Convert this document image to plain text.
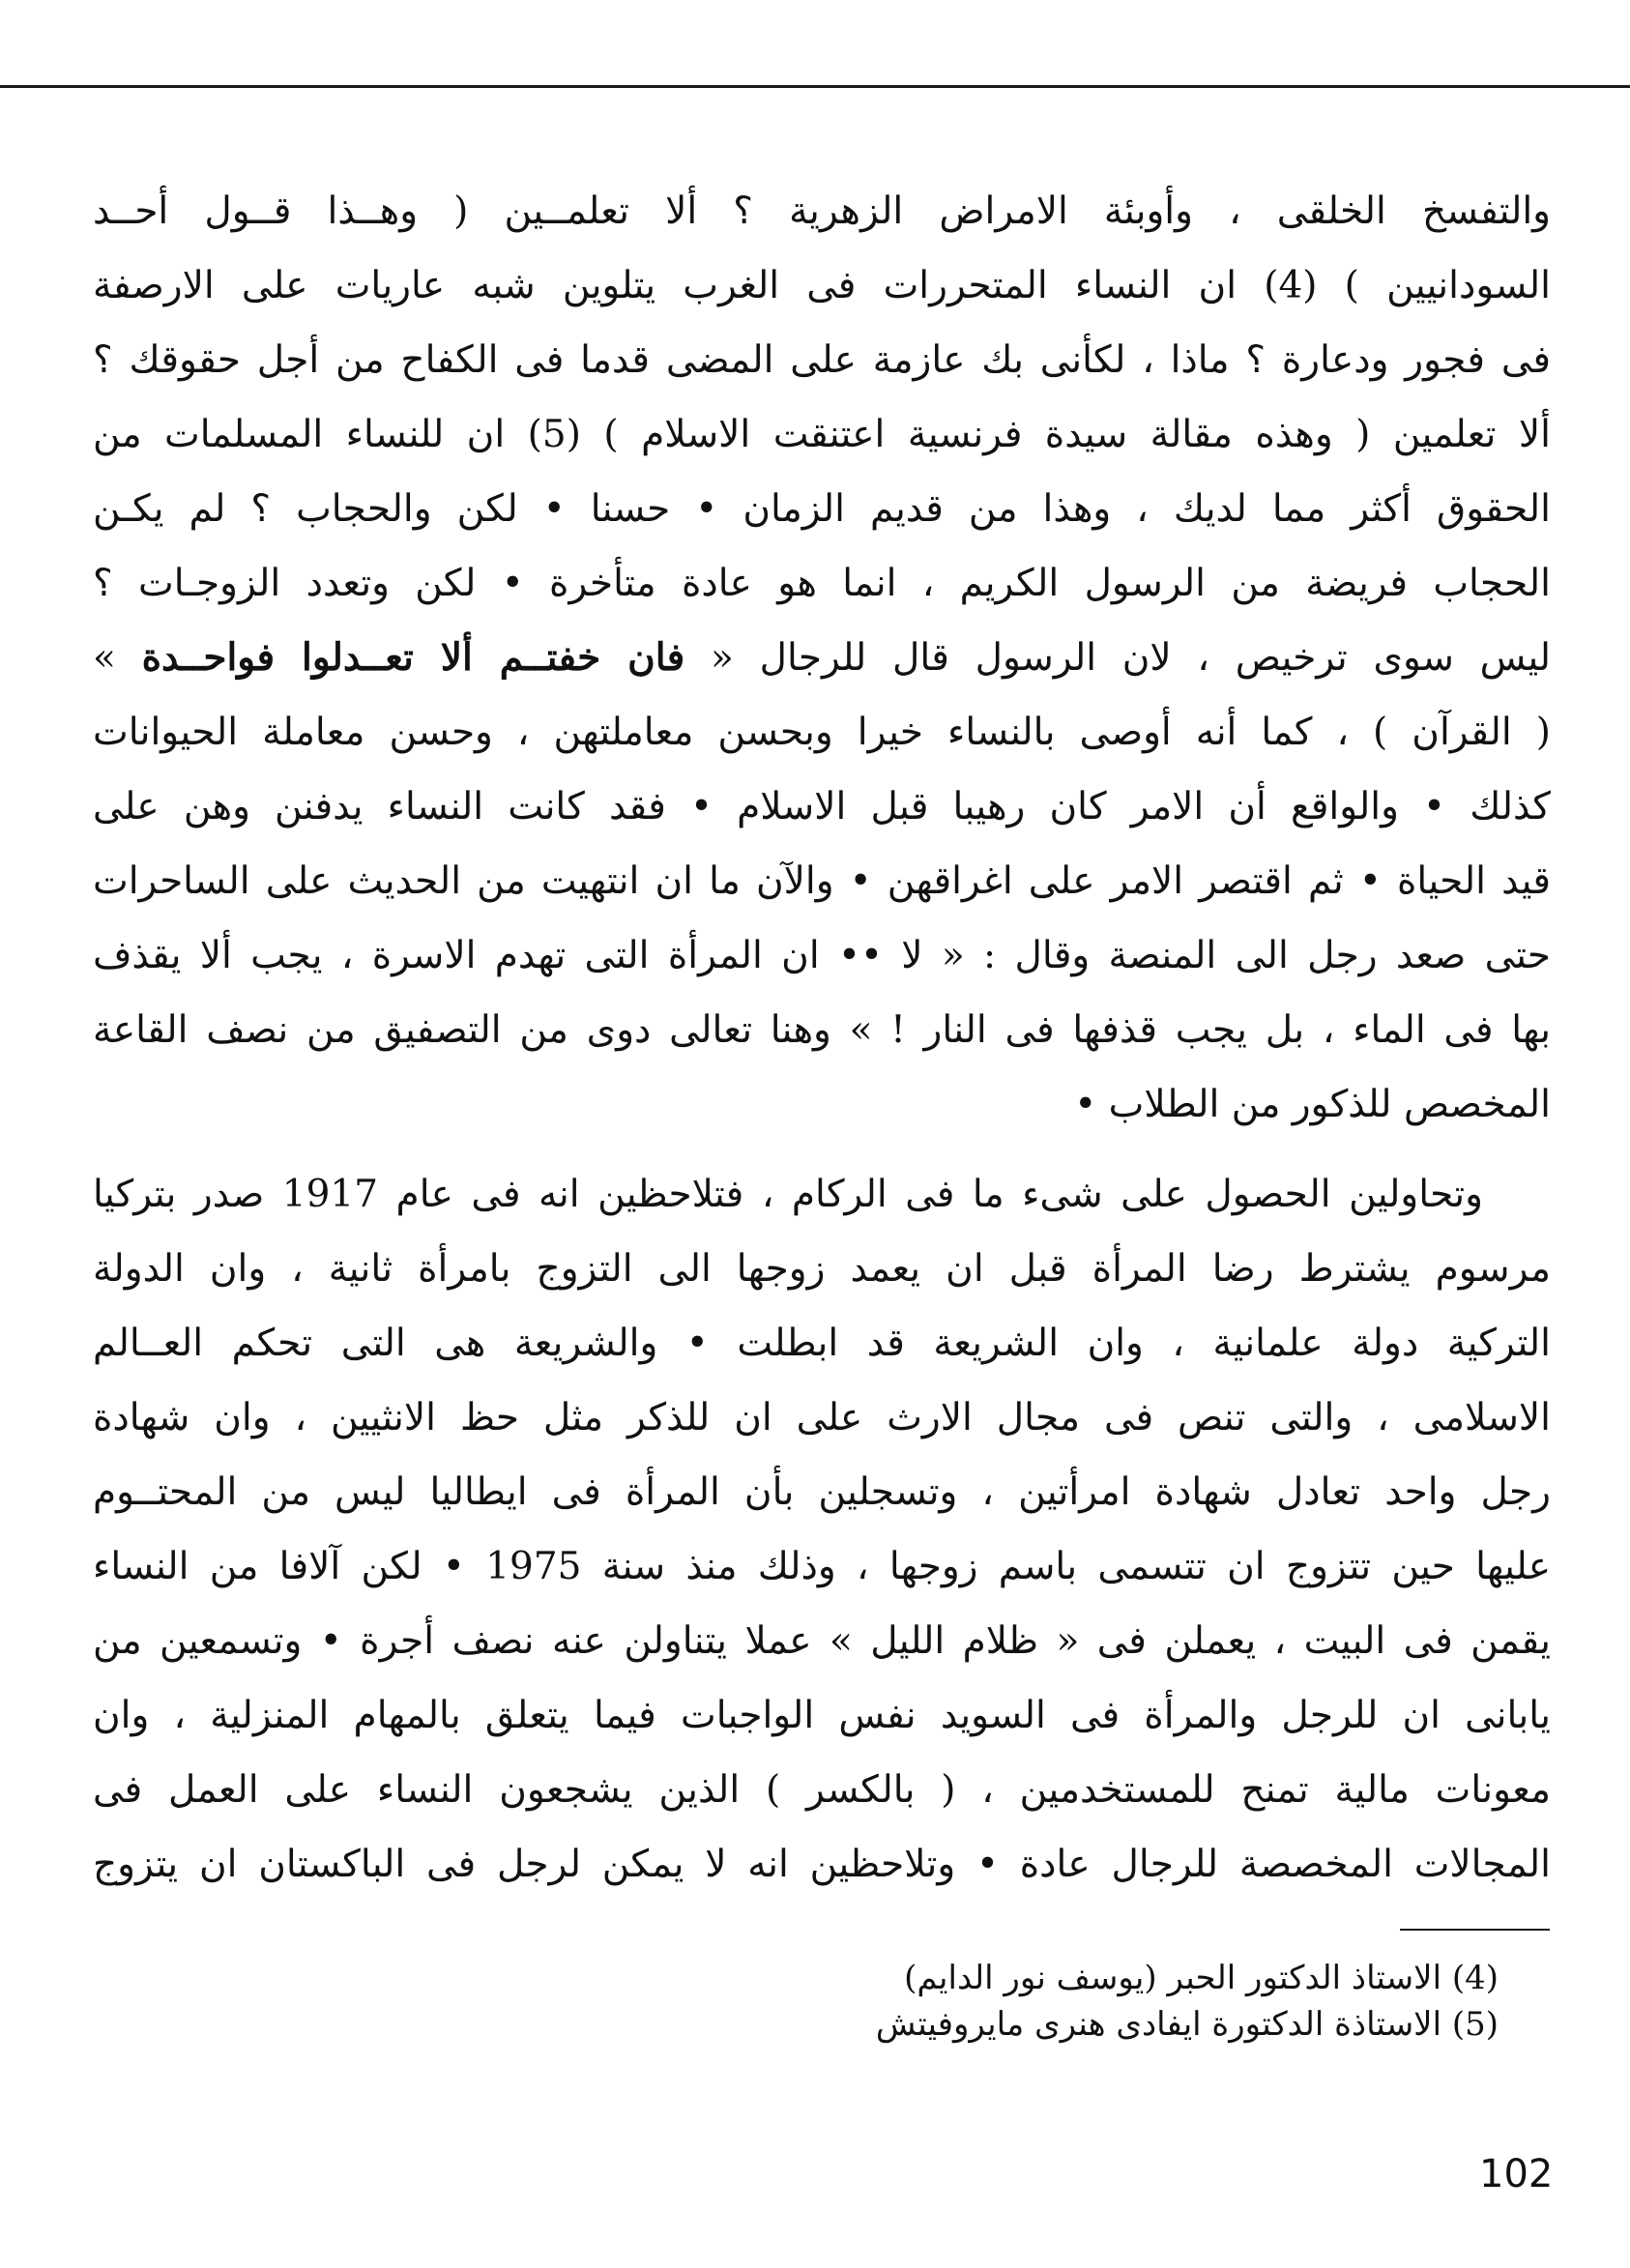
والتفسخ الخلقى ، وأوبئة الامراض الزهرية ؟ ألا تعلمــين ( وهــذا قــول أحــد
السودانيين ) (4) ان النساء المتحررات فى الغرب يتلوين شبه عاريات على الارصفة
فى فجور ودعارة ؟ ماذا ، لكأنى بك عازمة على المضى قدما فى الكفاح من أجل حقوقك ؟
ألا تعلمين ( وهذه مقالة سيدة فرنسية اعتنقت الاسلام ) (5) ان للنساء المسلمات من
الحقوق أكثر مما لديك ، وهذا من قديم الزمان • حسنا • لكن والحجاب ؟ لم يكـن
الحجاب فريضة من الرسول الكريم ، انما هو عادة متأخرة • لكن وتعدد الزوجـات ؟
ليس سوى ترخيص ، لان الرسول قال للرجال « فان خفتــم ألا تعــدلوا فواحــدة »
( القرآن ) ، كما أنه أوصى بالنساء خيرا وبحسن معاملتهن ، وحسن معاملة الحيوانات
كذلك • والواقع أن الامر كان رهيبا قبل الاسلام • فقد كانت النساء يدفنن وهن على
قيد الحياة • ثم اقتصر الامر على اغراقهن • والآن ما ان انتهيت من الحديث على الساحرات
حتى صعد رجل الى المنصة وقال : « لا •• ان المرأة التى تهدم الاسرة ، يجب ألا يقذف
بها فى الماء ، بل يجب قذفها فى النار ! » وهنا تعالى دوى من التصفيق من نصف القاعة
المخصص للذكور من الطلاب •
وتحاولين الحصول على شىء ما فى الركام ، فتلاحظين انه فى عام 1917 صدر بتركيا
مرسوم يشترط رضا المرأة قبل ان يعمد زوجها الى التزوج بامرأة ثانية ، وان الدولة
التركية دولة علمانية ، وان الشريعة قد ابطلت • والشريعة هى التى تحكم العــالم
الاسلامى ، والتى تنص فى مجال الارث على ان للذكر مثل حظ الانثيين ، وان شهادة
رجل واحد تعادل شهادة امرأتين ، وتسجلين بأن المرأة فى ايطاليا ليس من المحتــوم
عليها حين تتزوج ان تتسمى باسم زوجها ، وذلك منذ سنة 1975 • لكن آلافا من النساء
يقمن فى البيت ، يعملن فى « ظلام الليل » عملا يتناولن عنه نصف أجرة • وتسمعين من
يابانى ان للرجل والمرأة فى السويد نفس الواجبات فيما يتعلق بالمهام المنزلية ، وان
معونات مالية تمنح للمستخدمين ، ( بالكسر ) الذين يشجعون النساء على العمل فى
المجالات المخصصة للرجال عادة • وتلاحظين انه لا يمكن لرجل فى الباكستان ان يتزوج
(4) الاستاذ الدكتور الحبر (يوسف نور الدايم)
(5) الاستاذة الدكتورة ايفادى هنرى مايروفيتش
102
